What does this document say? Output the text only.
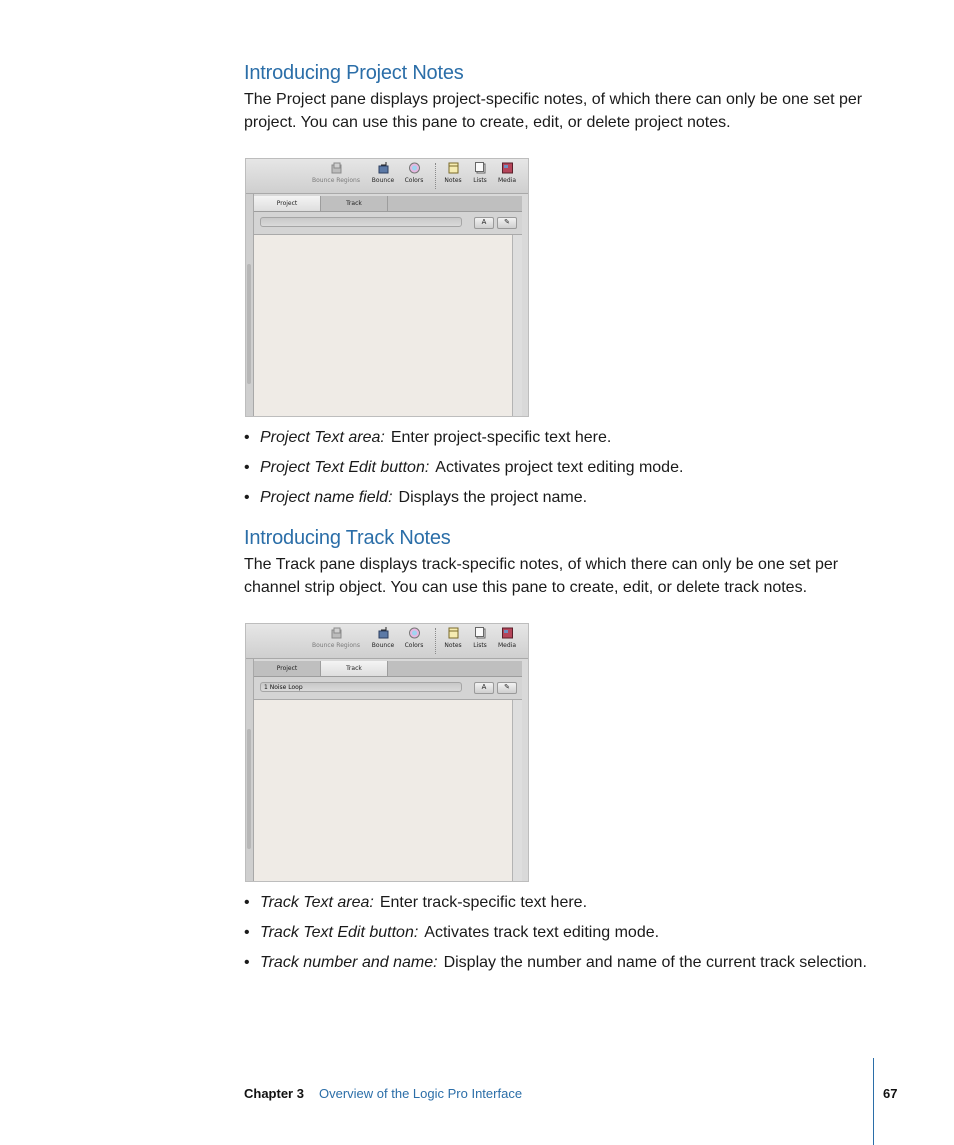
Introducing Project Notes

The Project pane displays project-specific notes, of which there can only be one set per project. You can use this pane to create, edit, or delete project notes.

Bounce Regions	Bounce	Colors	Notes	Lists	Media
Project	Track
A	✎
• Project Text area: Enter project-specific text here.
• Project Text Edit button: Activates project text editing mode.
• Project name field: Displays the project name.
Introducing Track Notes

The Track pane displays track-specific notes, of which there can only be one set per channel strip object. You can use this pane to create, edit, or delete track notes.

Bounce Regions	Bounce	Colors	Notes	Lists	Media
Project	Track
1 Noise Loop	A	✎
• Track Text area: Enter track-specific text here.
• Track Text Edit button: Activates track text editing mode.
• Track number and name: Display the number and name of the current track selection.
Chapter 3 Overview of the Logic Pro Interface	67
